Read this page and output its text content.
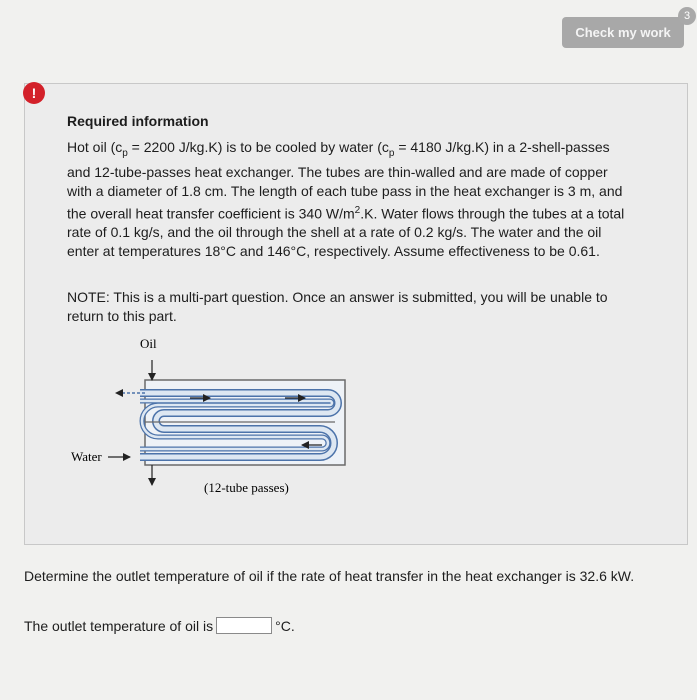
Check my work
3
!
Required information
Hot oil ($c_p = 2200$ J/kg.K) is to be cooled by water ($c_p = 4180$ J/kg.K) in a 2-shell-passes and 12-tube-passes heat exchanger. The tubes are thin-walled and are made of copper with a diameter of 1.8 cm. The length of each tube pass in the heat exchanger is 3 m, and the overall heat transfer coefficient is 340 $W/m^2.K$. Water flows through the tubes at a total rate of 0.1 kg/s, and the oil through the shell at a rate of 0.2 kg/s. The water and the oil enter at temperatures 18°C and 146°C, respectively. Assume effectiveness to be 0.61.
NOTE: This is a multi-part question. Once an answer is submitted, you will be unable to return to this part.
Oil
Water
(12-tube passes)
Determine the outlet temperature of oil if the rate of heat transfer in the heat exchanger is 32.6 kW.
The outlet temperature of oil is	°C.
